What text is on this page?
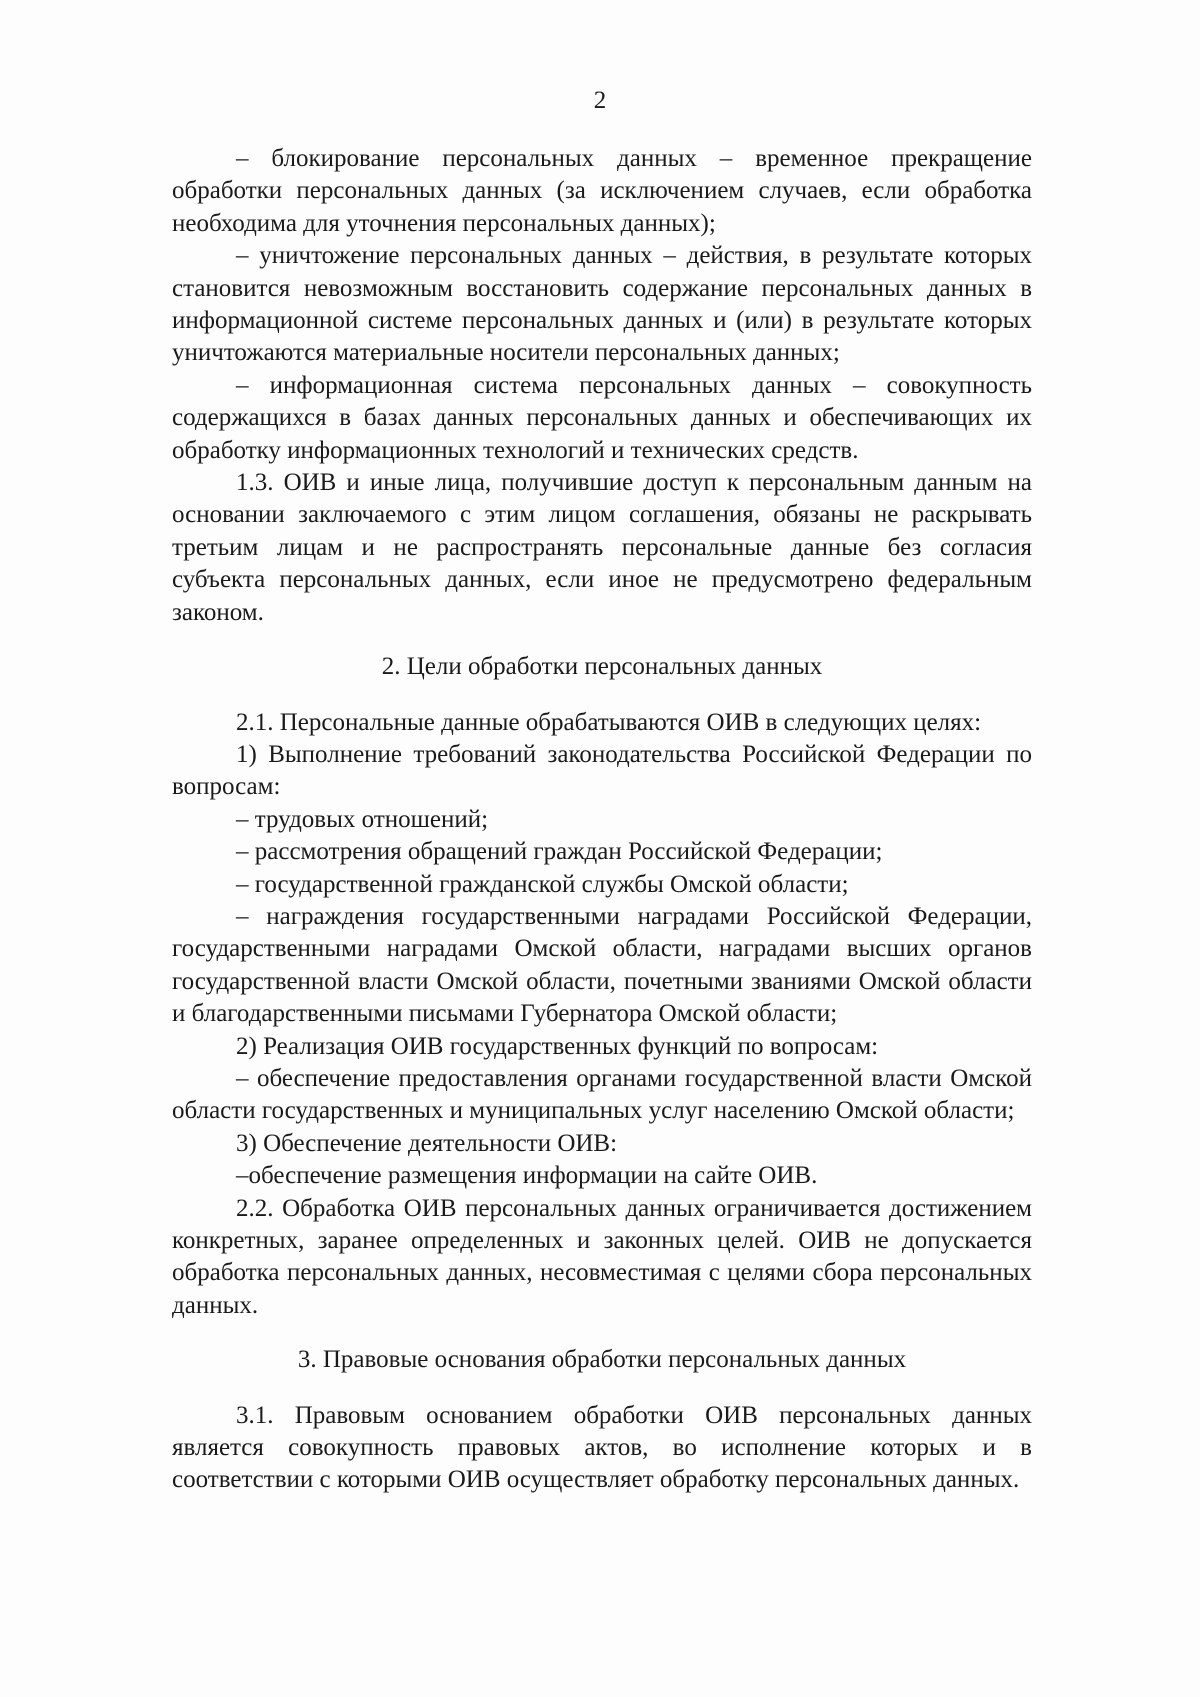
2

– блокирование персональных данных – временное прекращение обработки персональных данных (за исключением случаев, если обработка необходима для уточнения персональных данных);

– уничтожение персональных данных – действия, в результате которых становится невозможным восстановить содержание персональных данных в информационной системе персональных данных и (или) в результате которых уничтожаются материальные носители персональных данных;

– информационная система персональных данных – совокупность содержащихся в базах данных персональных данных и обеспечивающих их обработку информационных технологий и технических средств.

1.3. ОИВ и иные лица, получившие доступ к персональным данным на основании заключаемого с этим лицом соглашения, обязаны не раскрывать третьим лицам и не распространять персональные данные без согласия субъекта персональных данных, если иное не предусмотрено федеральным законом.

2. Цели обработки персональных данных

2.1. Персональные данные обрабатываются ОИВ в следующих целях:

1) Выполнение требований законодательства Российской Федерации по вопросам:

– трудовых отношений;

– рассмотрения обращений граждан Российской Федерации;

– государственной гражданской службы Омской области;

– награждения государственными наградами Российской Федерации, государственными наградами Омской области, наградами высших органов государственной власти Омской области, почетными званиями Омской области и благодарственными письмами Губернатора Омской области;

2) Реализация ОИВ государственных функций по вопросам:

– обеспечение предоставления органами государственной власти Омской области государственных и муниципальных услуг населению Омской области;

3) Обеспечение деятельности ОИВ:

–обеспечение размещения информации на сайте ОИВ.

2.2. Обработка ОИВ персональных данных ограничивается достижением конкретных, заранее определенных и законных целей. ОИВ не допускается обработка персональных данных, несовместимая с целями сбора персональных данных.

3. Правовые основания обработки персональных данных

3.1. Правовым основанием обработки ОИВ персональных данных является совокупность правовых актов, во исполнение которых и в соответствии с которыми ОИВ осуществляет обработку персональных данных.
